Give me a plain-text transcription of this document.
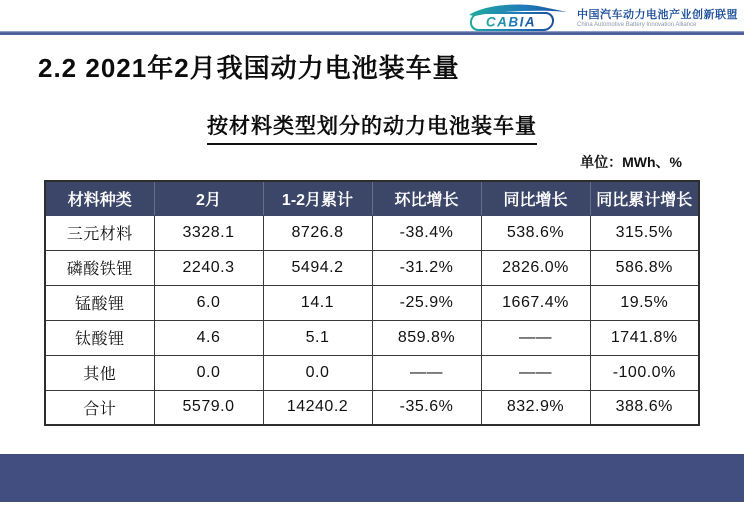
CABIA	中国汽车动力电池产业创新联盟
China Automotive Battery Innovation Alliance
2.2 2021年2月我国动力电池装车量
按材料类型划分的动力电池装车量
单位：MWh、%
材料种类	2月	1-2月累计	环比增长	同比增长	同比累计增长
三元材料	3328.1	8726.8	-38.4%	538.6%	315.5%
磷酸铁锂	2240.3	5494.2	-31.2%	2826.0%	586.8%
锰酸锂	6.0	14.1	-25.9%	1667.4%	19.5%
钛酸锂	4.6	5.1	859.8%	——	1741.8%
其他	0.0	0.0	——	——	-100.0%
合计	5579.0	14240.2	-35.6%	832.9%	388.6%
